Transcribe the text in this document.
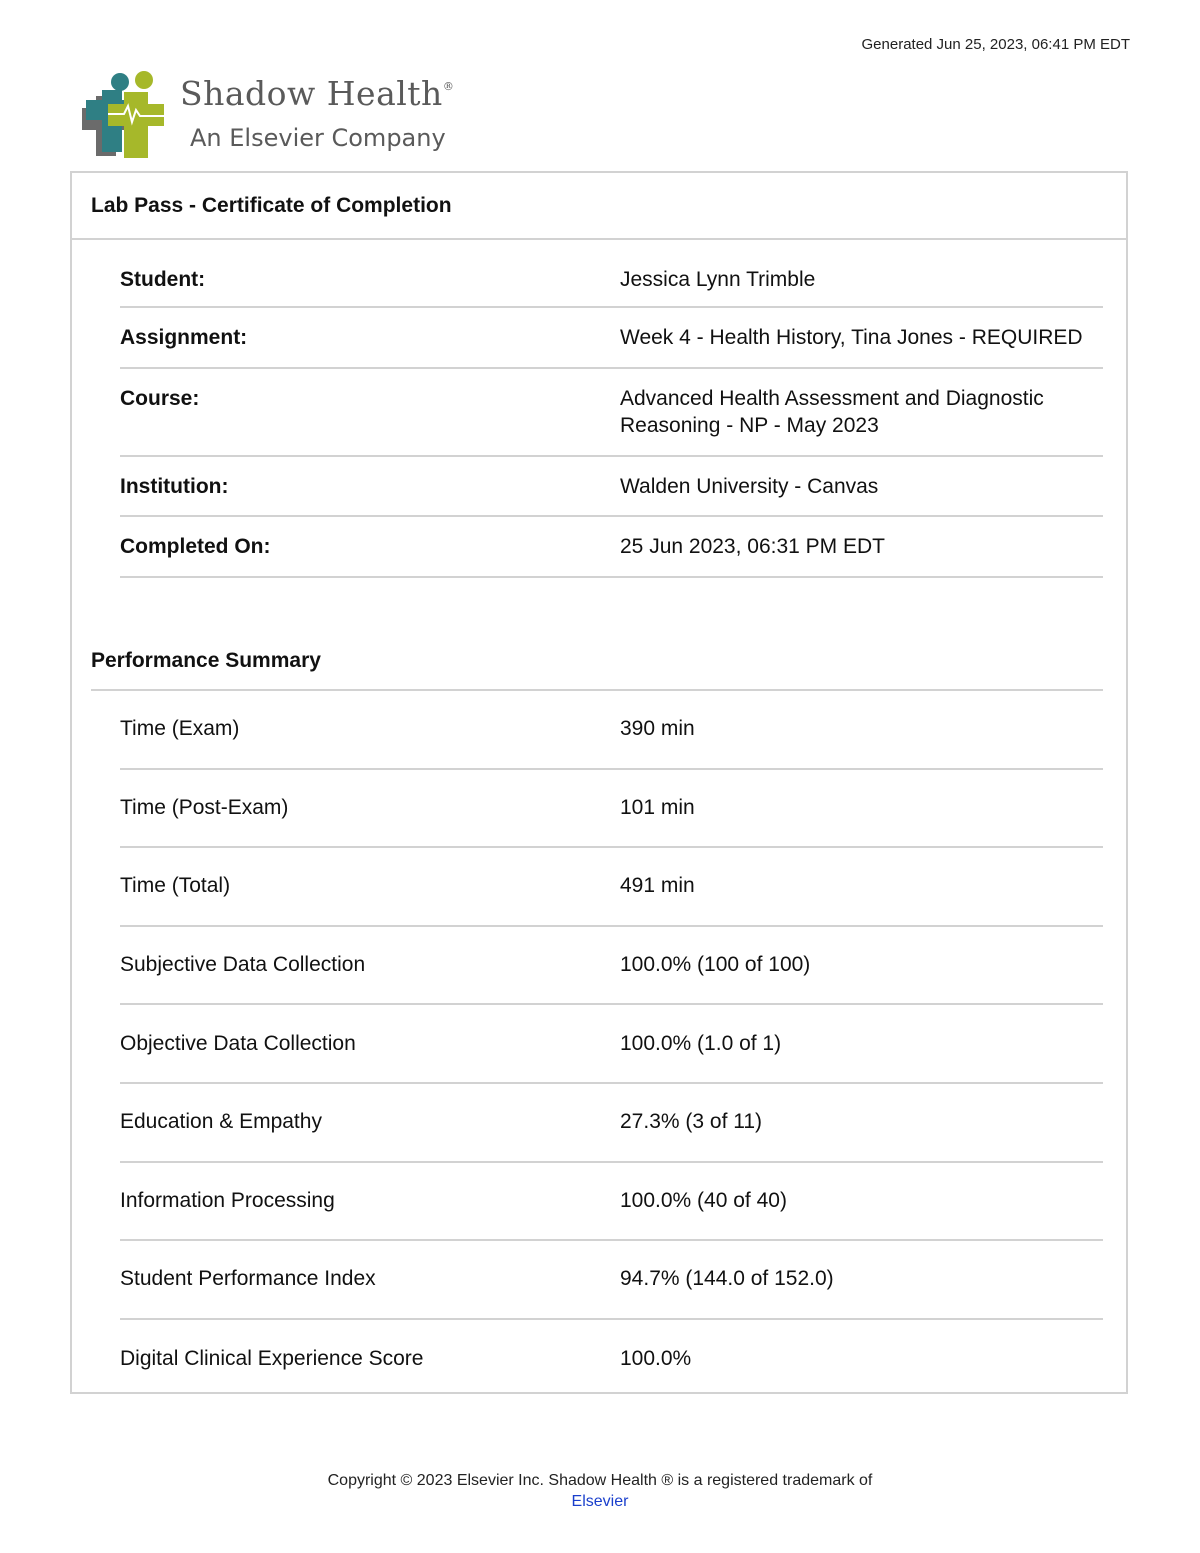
Generated Jun 25, 2023, 06:41 PM EDT
Shadow Health®
An Elsevier Company
Lab Pass - Certificate of Completion
Student:	Jessica Lynn Trimble
Assignment:	Week 4 - Health History, Tina Jones - REQUIRED
Course:	Advanced Health Assessment and Diagnostic Reasoning - NP - May 2023
Institution:	Walden University - Canvas
Completed On:	25 Jun 2023, 06:31 PM EDT
Performance Summary
Time (Exam)	390 min
Time (Post-Exam)	101 min
Time (Total)	491 min
Subjective Data Collection	100.0% (100 of 100)
Objective Data Collection	100.0% (1.0 of 1)
Education & Empathy	27.3% (3 of 11)
Information Processing	100.0% (40 of 40)
Student Performance Index	94.7% (144.0 of 152.0)
Digital Clinical Experience Score	100.0%
Copyright © 2023 Elsevier Inc. Shadow Health ® is a registered trademark of
Elsevier
